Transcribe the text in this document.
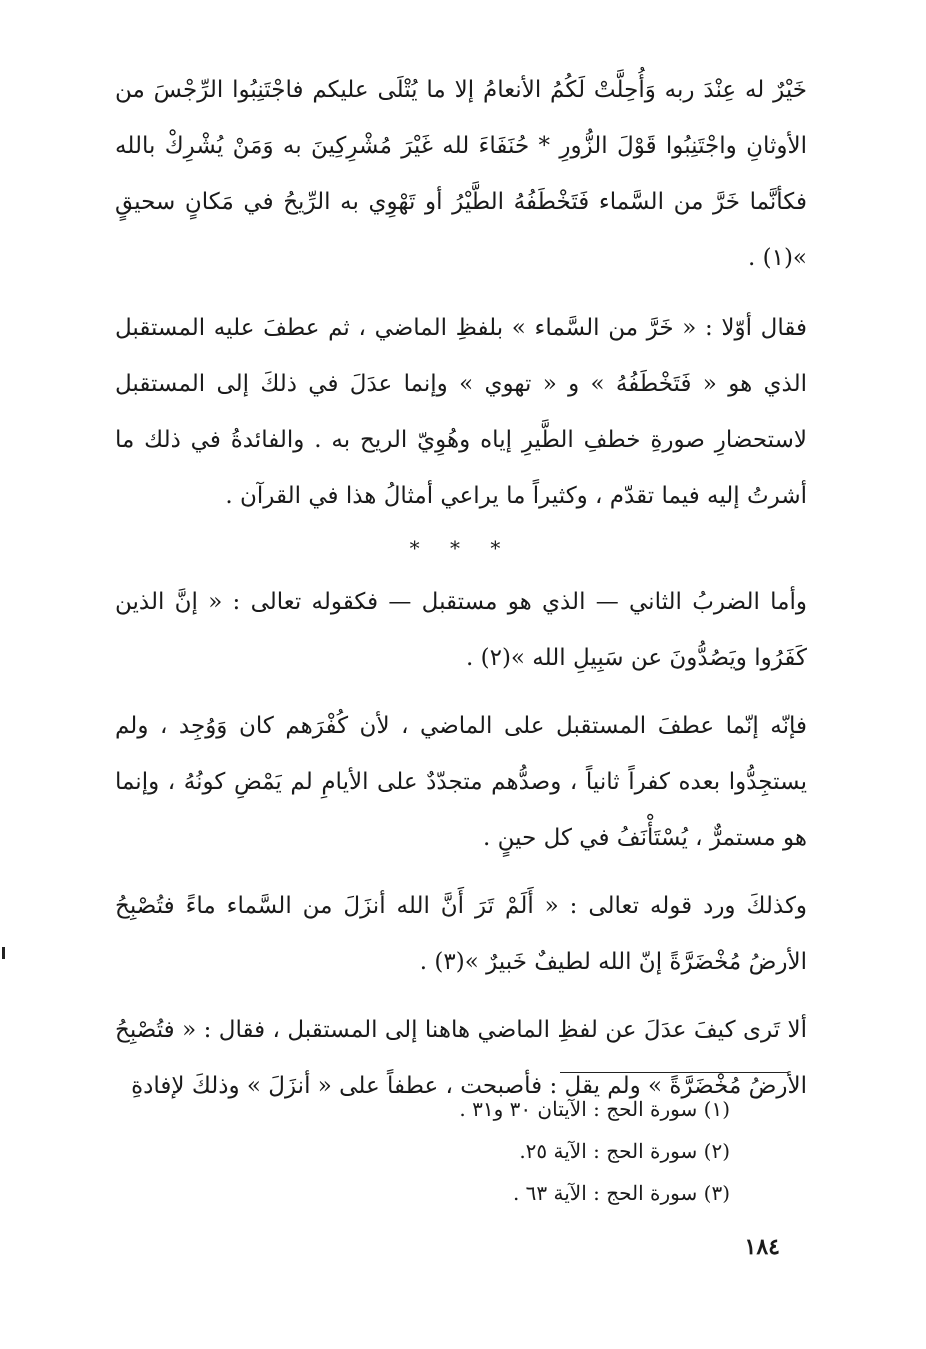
خَيْرٌ له عِنْدَ ربه وَأُحِلَّتْ لَكُمُ الأنعامُ إلا ما يُتْلَى عليكم فاجْتَنِبُوا الرِّجْسَ من الأوثانِ واجْتَنِبُوا قَوْلَ الزُّورِ * حُنَفَاءَ لله غَيْرَ مُشْرِكِينَ به وَمَنْ يُشْرِكْ بالله فكأنَّما خَرَّ من السَّماء فَتَخْطَفُهُ الطَّيْرُ أو تَهْوِي به الرِّيحُ في مَكانٍ سحيقٍ »(١) .

فقال أوّلا : « خَرَّ من السَّماء » بلفظِ الماضي ، ثم عطفَ عليه المستقبل الذي هو « فَتَخْطَفُهُ » و « تهوي » وإنما عدَلَ في ذلكَ إلى المستقبل لاستحضارِ صورةِ خطفِ الطَّيرِ إياه وهُوِيّ الريح به . والفائدةُ في ذلك ما أشرتُ إليه فيما تقدّم ، وكثيراً ما يراعي أمثالُ هذا في القرآن .

* * *

وأما الضربُ الثاني — الذي هو مستقبل — فكقوله تعالى : « إنَّ الذين كَفَرُوا ويَصُدُّونَ عن سَبِيلِ الله »(٢) .

فإنّه إنّما عطفَ المستقبل على الماضي ، لأن كُفْرَهم كان وَوُجِد ، ولم يستجِدُّوا بعده كفراً ثانياً ، وصدُّهم متجدّدٌ على الأيامِ لم يَمْضِ كونُهُ ، وإنما هو مستمرٌّ ، يُسْتَأْنَفُ في كل حينٍ .

وكذلكَ ورد قوله تعالى : « أَلَمْ تَرَ أَنَّ الله أنزَلَ من السَّماء ماءً فتُصْبِحُ الأرضُ مُخْضَرَّةً إنّ الله لطيفٌ خَبيرٌ »(٣) .

ألا تَرى كيفَ عدَلَ عن لفظِ الماضي هاهنا إلى المستقبل ، فقال : « فتُصْبِحُ الأرضُ مُخْضَرَّةً » ولم يقل : فأصبحت ، عطفاً على « أنزَلَ » وذلكَ لإفادةِ

(١) سورة الحج : الآيتان ٣٠ و٣١ .
(٢) سورة الحج : الآية ٢٥.
(٣) سورة الحج : الآية ٦٣ .
١٨٤
